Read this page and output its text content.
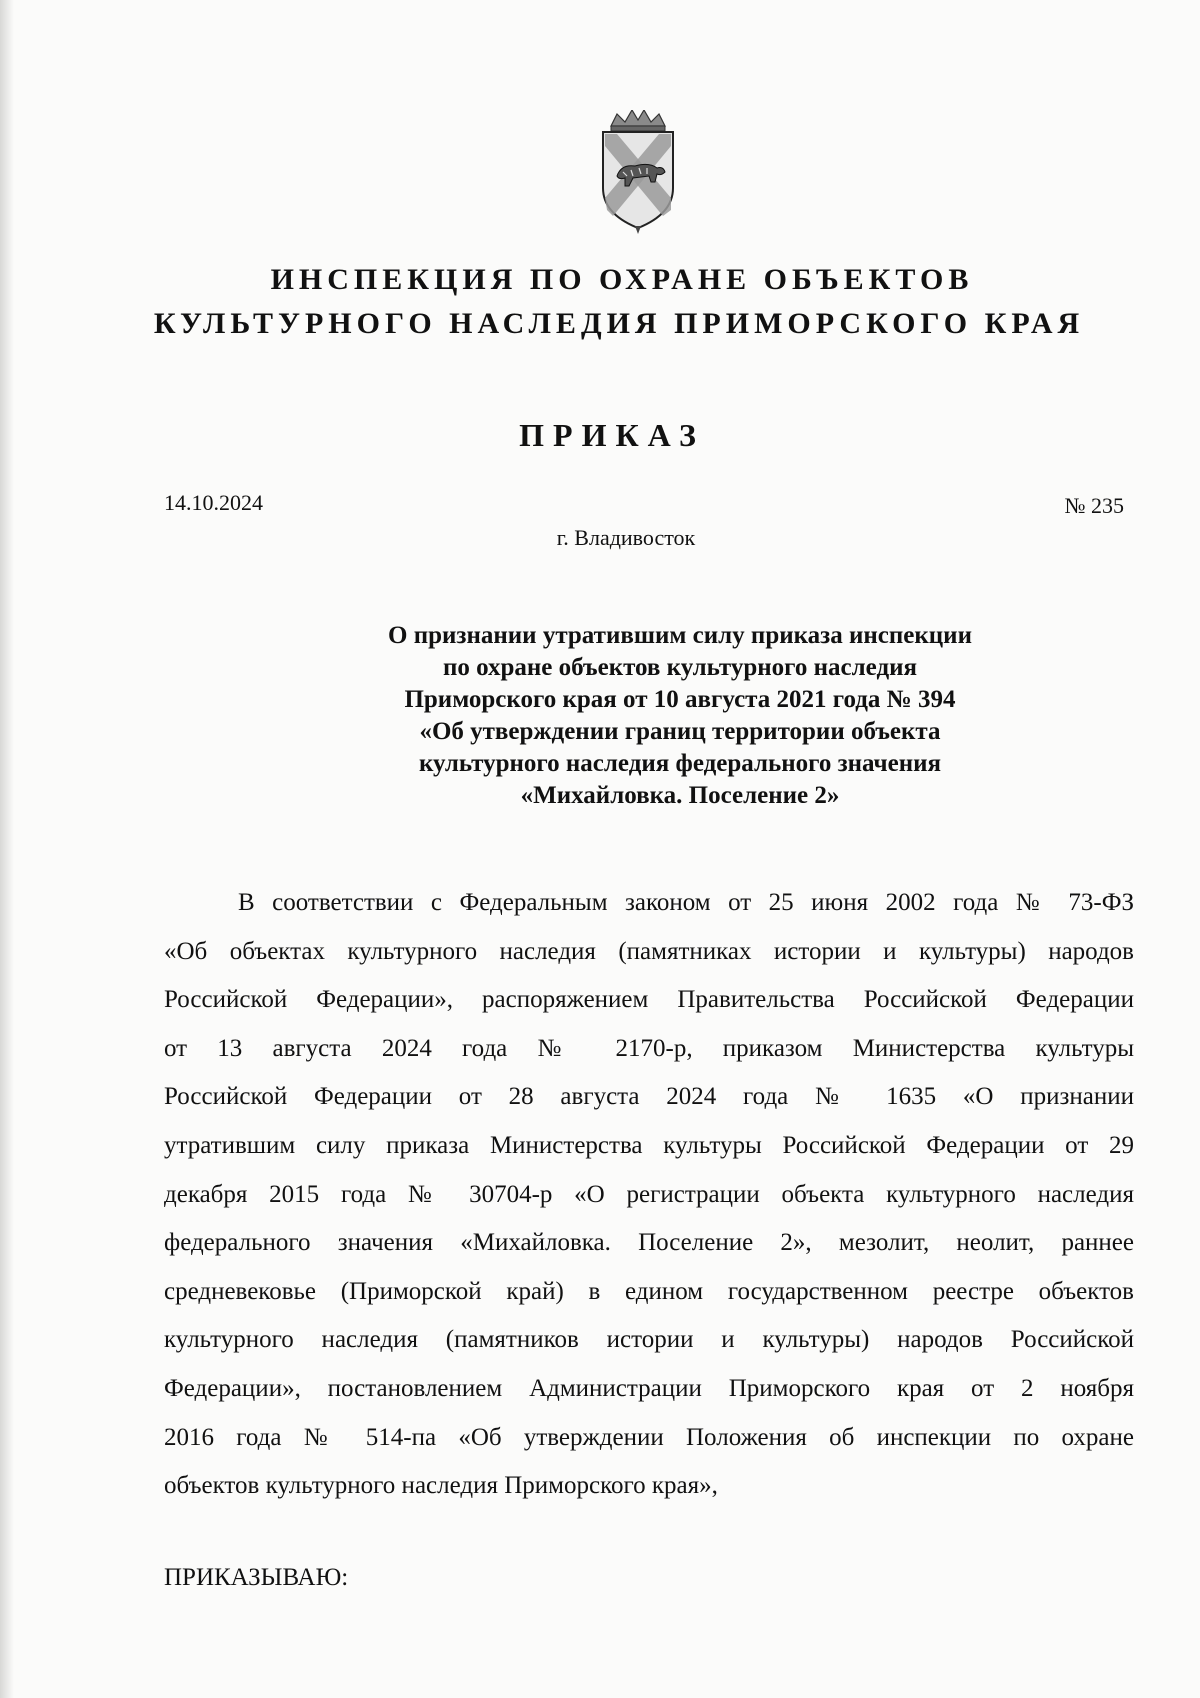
ИНСПЕКЦИЯ ПО ОХРАНЕ ОБЪЕКТОВ
КУЛЬТУРНОГО НАСЛЕДИЯ ПРИМОРСКОГО КРАЯ
ПРИКАЗ
14.10.2024	№ 235
г. Владивосток
О признании утратившим силу приказа инспекции
по охране объектов культурного наследия
Приморского края от 10 августа 2021 года № 394
«Об утверждении границ территории объекта
культурного наследия федерального значения
«Михайловка. Поселение 2»
В соответствии с Федеральным законом от 25 июня 2002 года № 73-ФЗ
«Об объектах культурного наследия (памятниках истории и культуры) народов
Российской Федерации», распоряжением Правительства Российской Федерации
от 13 августа 2024 года № 2170-р, приказом Министерства культуры
Российской Федерации от 28 августа 2024 года № 1635 «О признании
утратившим силу приказа Министерства культуры Российской Федерации от 29
декабря 2015 года № 30704-р «О регистрации объекта культурного наследия
федерального значения «Михайловка. Поселение 2», мезолит, неолит, раннее
средневековье (Приморской край) в едином государственном реестре объектов
культурного наследия (памятников истории и культуры) народов Российской
Федерации», постановлением Администрации Приморского края от 2 ноября
2016 года № 514-па «Об утверждении Положения об инспекции по охране
объектов культурного наследия Приморского края»,
ПРИКАЗЫВАЮ:
